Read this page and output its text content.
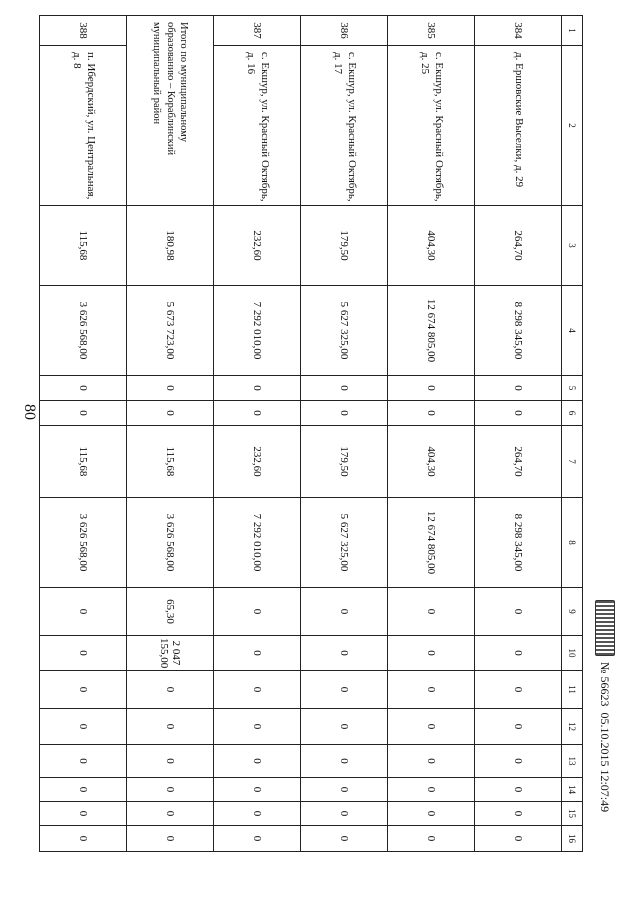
80
№ 56623
05.10.2015 12:07:49
1	2	3	4	5	6	7	8	9	10	11	12	13	14	15	16
384	д. Ершовские Выселки, д. 29	264,70	8 298 345,00	0	0	264,70	8 298 345,00	0	0	0	0	0	0	0	0
385	с. Екшур, ул. Красный Октябрь, д. 25	404,30	12 674 805,00	0	0	404,30	12 674 805,00	0	0	0	0	0	0	0	0
386	с. Екшур, ул. Красный Октябрь, д. 17	179,50	5 627 325,00	0	0	179,50	5 627 325,00	0	0	0	0	0	0	0	0
387	с. Екшур, ул. Красный Октябрь, д. 16	232,60	7 292 010,00	0	0	232,60	7 292 010,00	0	0	0	0	0	0	0	0
Итого по муниципальному образованию – Кораблинский муниципальный район		180,98	5 673 723,00	0	0	115,68	3 626 568,00	65,30	2 047 155,00	0	0	0	0	0	0
388	п. Ибердский, ул. Центральная, д. 8	115,68	3 626 568,00	0	0	115,68	3 626 568,00	0	0	0	0	0	0	0	0
